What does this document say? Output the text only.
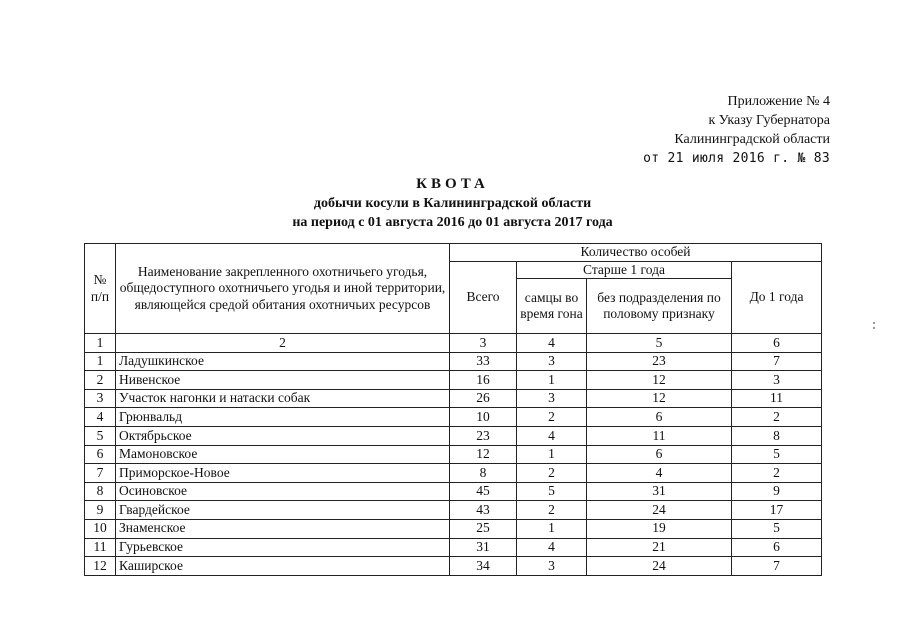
Приложение № 4
к Указу Губернатора
Калининградской области
от 21 июля 2016 г. № 83
КВОТА
добычи косули в Калининградской области
на период с 01 августа 2016 до 01 августа 2017 года
№ п/п	Наименование закрепленного охотничьего угодья, общедоступного охотничьего угодья и иной территории, являющейся средой обитания охотничьих ресурсов	Количество особей			
		Всего	Старше 1 года		До 1 года
			самцы во время гона	без подразделения по половому признаку	
1	2	3	4	5	6
1	Ладушкинское	33	3	23	7
2	Нивенское	16	1	12	3
3	Участок нагонки и натаски собак	26	3	12	11
4	Грюнвальд	10	2	6	2
5	Октябрьское	23	4	11	8
6	Мамоновское	12	1	6	5
7	Приморское-Новое	8	2	4	2
8	Осиновское	45	5	31	9
9	Гвардейское	43	2	24	17
10	Знаменское	25	1	19	5
11	Гурьевское	31	4	21	6
12	Каширское	34	3	24	7
